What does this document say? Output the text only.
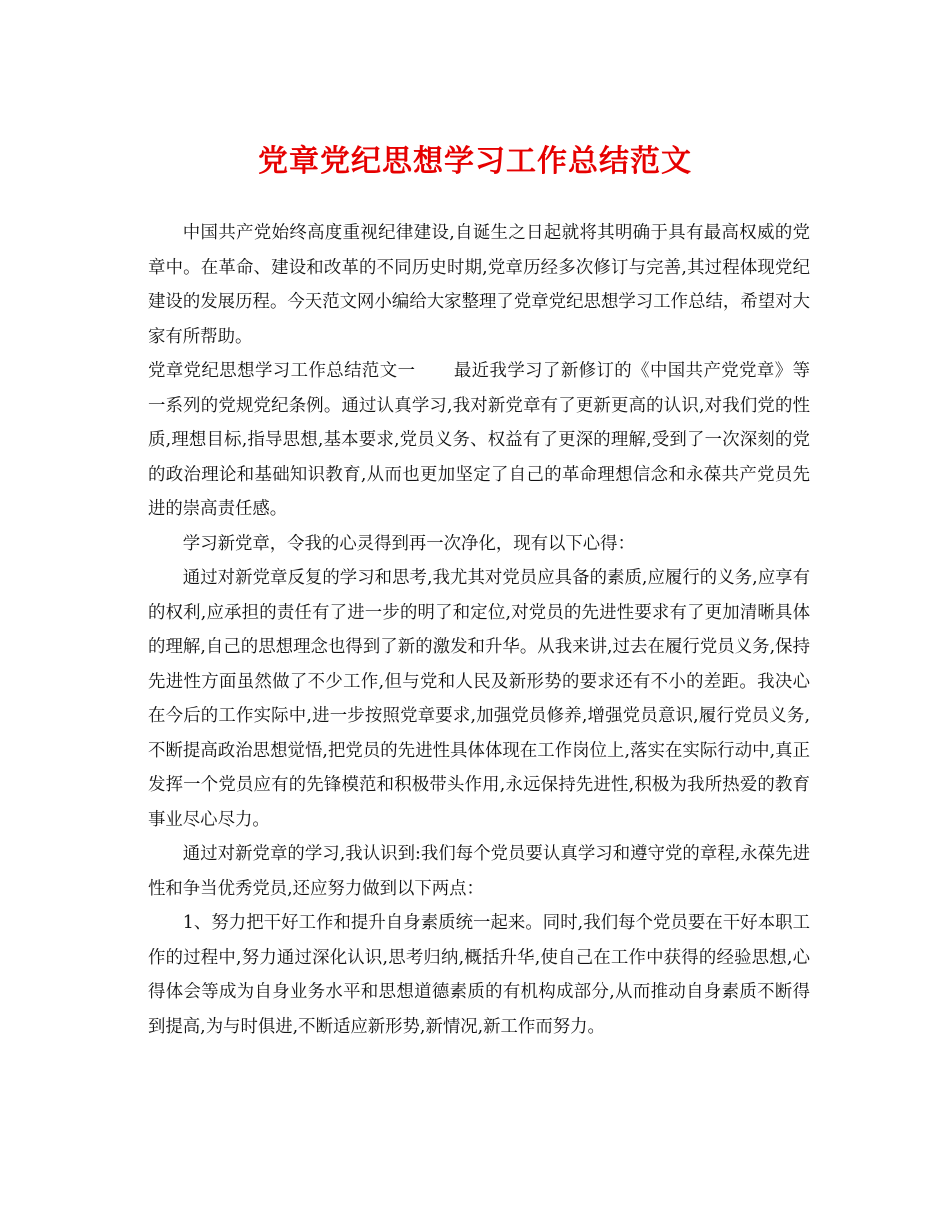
党章党纪思想学习工作总结范文

中国共产党始终高度重视纪律建设,自诞生之日起就将其明确于具有最高权威的党章中。在革命、建设和改革的不同历史时期,党章历经多次修订与完善,其过程体现党纪建设的发展历程。今天范文网小编给大家整理了党章党纪思想学习工作总结，希望对大家有所帮助。

党章党纪思想学习工作总结范文一 最近我学习了新修订的《中国共产党党章》等一系列的党规党纪条例。通过认真学习,我对新党章有了更新更高的认识,对我们党的性质,理想目标,指导思想,基本要求,党员义务、权益有了更深的理解,受到了一次深刻的党的政治理论和基础知识教育,从而也更加坚定了自己的革命理想信念和永葆共产党员先进的崇高责任感。

学习新党章，令我的心灵得到再一次净化，现有以下心得：

通过对新党章反复的学习和思考,我尤其对党员应具备的素质,应履行的义务,应享有的权利,应承担的责任有了进一步的明了和定位,对党员的先进性要求有了更加清晰具体的理解,自己的思想理念也得到了新的激发和升华。从我来讲,过去在履行党员义务,保持先进性方面虽然做了不少工作,但与党和人民及新形势的要求还有不小的差距。我决心在今后的工作实际中,进一步按照党章要求,加强党员修养,增强党员意识,履行党员义务,不断提高政治思想觉悟,把党员的先进性具体体现在工作岗位上,落实在实际行动中,真正发挥一个党员应有的先锋模范和积极带头作用,永远保持先进性,积极为我所热爱的教育事业尽心尽力。

通过对新党章的学习,我认识到:我们每个党员要认真学习和遵守党的章程,永葆先进性和争当优秀党员,还应努力做到以下两点：

1、努力把干好工作和提升自身素质统一起来。同时,我们每个党员要在干好本职工作的过程中,努力通过深化认识,思考归纳,概括升华,使自己在工作中获得的经验思想,心得体会等成为自身业务水平和思想道德素质的有机构成部分,从而推动自身素质不断得到提高,为与时俱进,不断适应新形势,新情况,新工作而努力。
